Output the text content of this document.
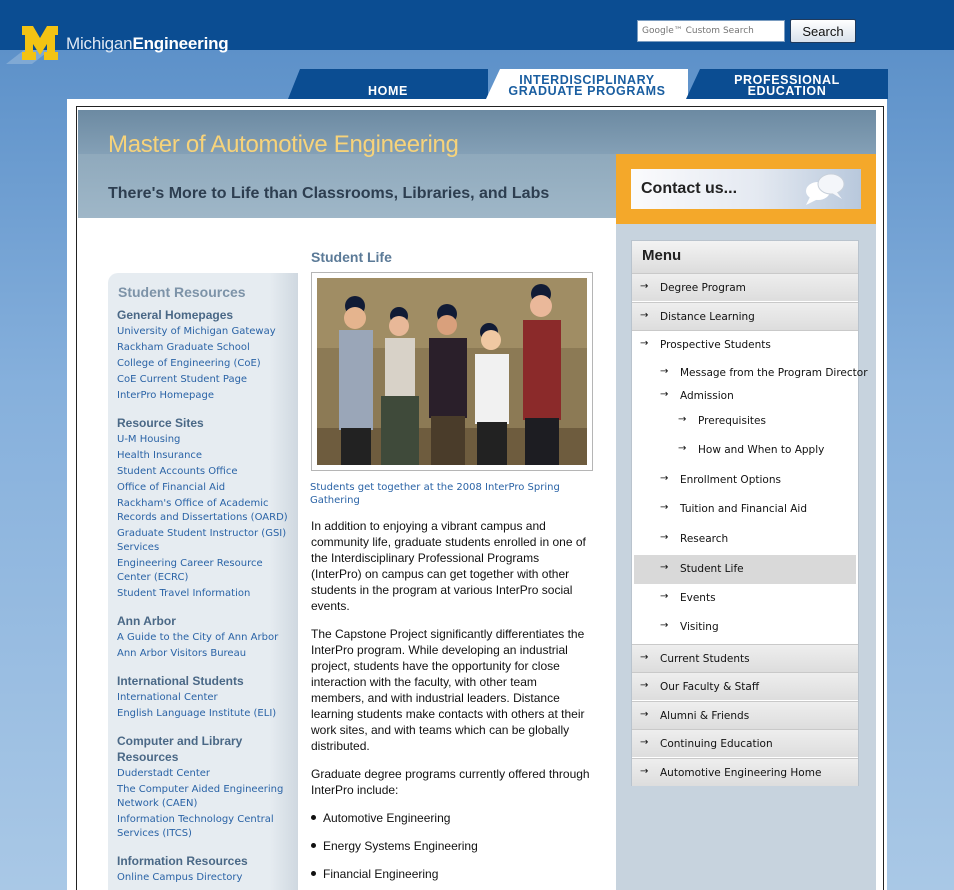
MichiganEngineering
Google™ Custom Search
Search
HOME
INTERDISCIPLINARY
GRADUATE PROGRAMS
PROFESSIONAL
EDUCATION
Master of Automotive Engineering
There's More to Life than Classrooms, Libraries, and Labs	Contact us...
Menu
→	Degree Program
→	Distance Learning
→	Prospective Students
→	Message from the Program Director
→	Admission
→	Prerequisites
→	How and When to Apply
→	Enrollment Options
→	Tuition and Financial Aid
→	Research
→	Student Life
→	Events
→	Visiting
→	Current Students
→	Our Faculty & Staff
→	Alumni & Friends
→	Continuing Education
→	Automotive Engineering Home
Student Resources
General Homepages
University of Michigan Gateway
Rackham Graduate School
College of Engineering (CoE)
CoE Current Student Page
InterPro Homepage
Resource Sites
U-M Housing
Health Insurance
Student Accounts Office
Office of Financial Aid
Rackham's Office of Academic Records and Dissertations (OARD)
Graduate Student Instructor (GSI) Services
Engineering Career Resource Center (ECRC)
Student Travel Information
Ann Arbor
A Guide to the City of Ann Arbor
Ann Arbor Visitors Bureau
International Students
International Center
English Language Institute (ELI)
Computer and Library Resources
Duderstadt Center
The Computer Aided Engineering Network (CAEN)
Information Technology Central Services (ITCS)
Information Resources
Online Campus Directory
Student Life
Students get together at the 2008 InterPro Spring Gathering
In addition to enjoying a vibrant campus and community life, graduate students enrolled in one of the Interdisciplinary Professional Programs (InterPro) on campus can get together with other students in the program at various InterPro social events.
The Capstone Project significantly differentiates the InterPro program. While developing an industrial project, students have the opportunity for close interaction with the faculty, with other team members, and with industrial leaders. Distance learning students make contacts with others at their work sites, and with teams which can be globally distributed.
Graduate degree programs currently offered through InterPro include:
Automotive Engineering
Energy Systems Engineering
Financial Engineering
